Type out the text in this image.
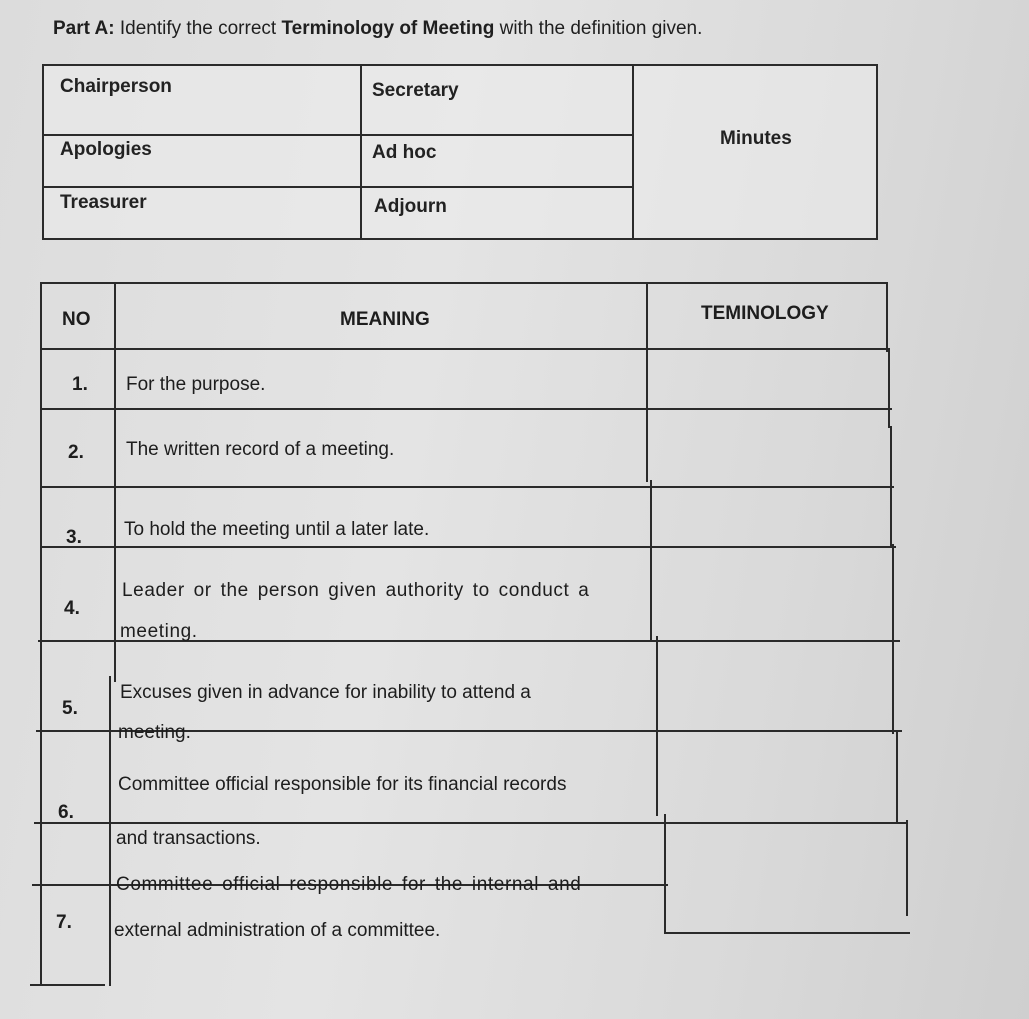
Part A: Identify the correct Terminology of Meeting with the definition given.
Chairperson
Apologies
Treasurer
Secretary
Ad hoc
Adjourn
Minutes
NO	MEANING	TEMINOLOGY
1. For the purpose.
2. The written record of a meeting.
3. To hold the meeting until a later late.
4.
Leader or the person given authority to conduct a
meeting.
5.
Excuses given in advance for inability to attend a
meeting.
6.
Committee official responsible for its financial records
and transactions.
7.
Committee official responsible for the internal and
external administration of a committee.
